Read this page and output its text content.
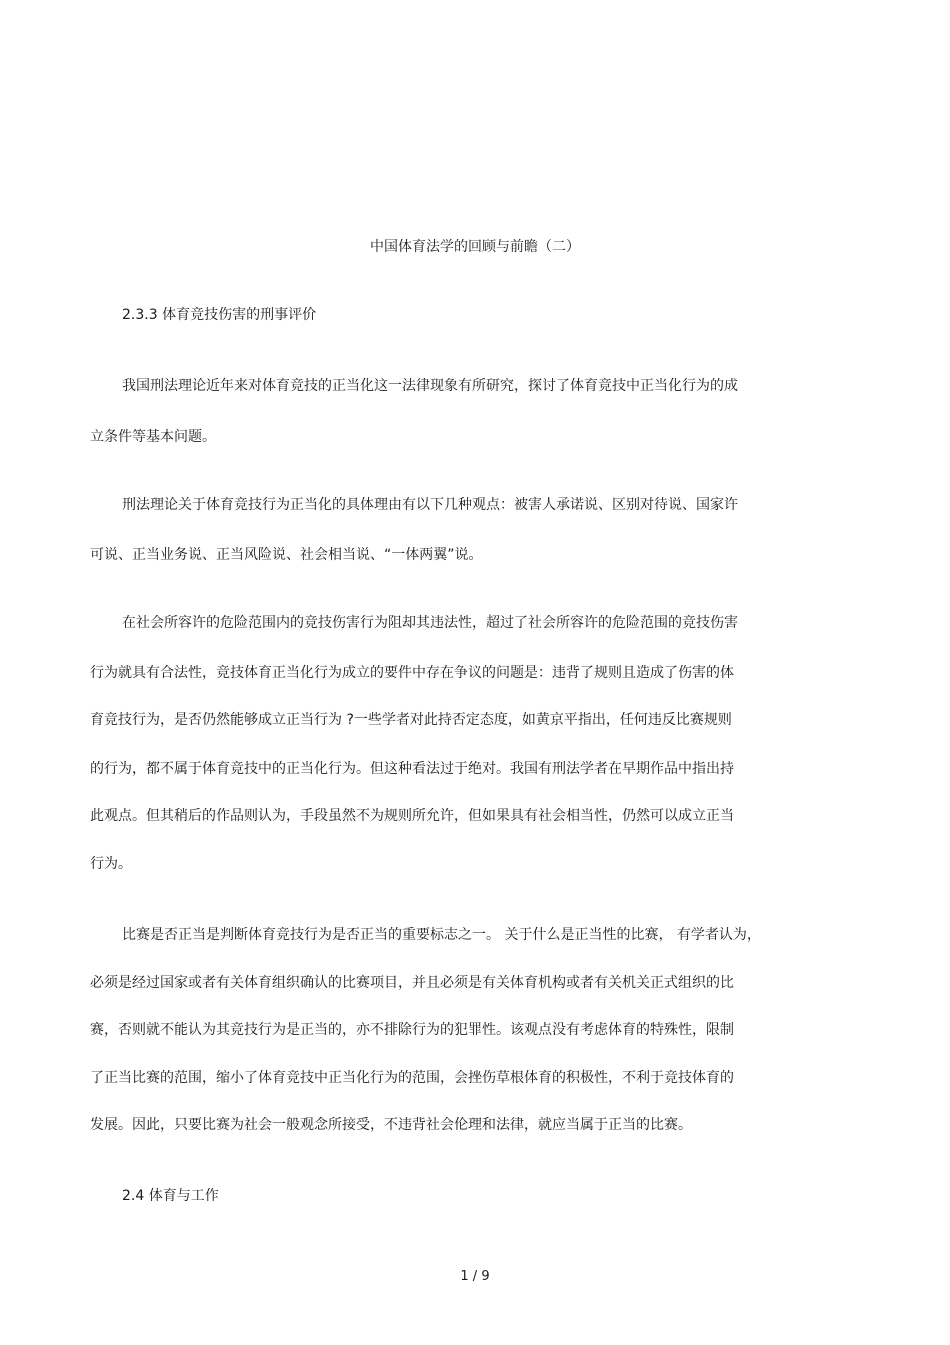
中国体育法学的回顾与前瞻（二）
2.3.3 体育竞技伤害的刑事评价
我国刑法理论近年来对体育竞技的正当化这一法律现象有所研究，探讨了体育竞技中正当化行为的成
立条件等基本问题。
刑法理论关于体育竞技行为正当化的具体理由有以下几种观点：被害人承诺说、区别对待说、国家许
可说、正当业务说、正当风险说、社会相当说、“一体两翼”说。
在社会所容许的危险范围内的竞技伤害行为阻却其违法性，超过了社会所容许的危险范围的竞技伤害
行为就具有合法性，竞技体育正当化行为成立的要件中存在争议的问题是：违背了规则且造成了伤害的体
育竞技行为，是否仍然能够成立正当行为 ?一些学者对此持否定态度，如黄京平指出，任何违反比赛规则
的行为，都不属于体育竞技中的正当化行为。但这种看法过于绝对。我国有刑法学者在早期作品中指出持
此观点。但其稍后的作品则认为，手段虽然不为规则所允许，但如果具有社会相当性，仍然可以成立正当
行为。
比赛是否正当是判断体育竞技行为是否正当的重要标志之一。 关于什么是正当性的比赛， 有学者认为，
必须是经过国家或者有关体育组织确认的比赛项目，并且必须是有关体育机构或者有关机关正式组织的比
赛，否则就不能认为其竞技行为是正当的，亦不排除行为的犯罪性。该观点没有考虑体育的特殊性，限制
了正当比赛的范围，缩小了体育竞技中正当化行为的范围，会挫伤草根体育的积极性，不利于竞技体育的
发展。因此，只要比赛为社会一般观念所接受，不违背社会伦理和法律，就应当属于正当的比赛。
2.4 体育与工作
1 / 9
